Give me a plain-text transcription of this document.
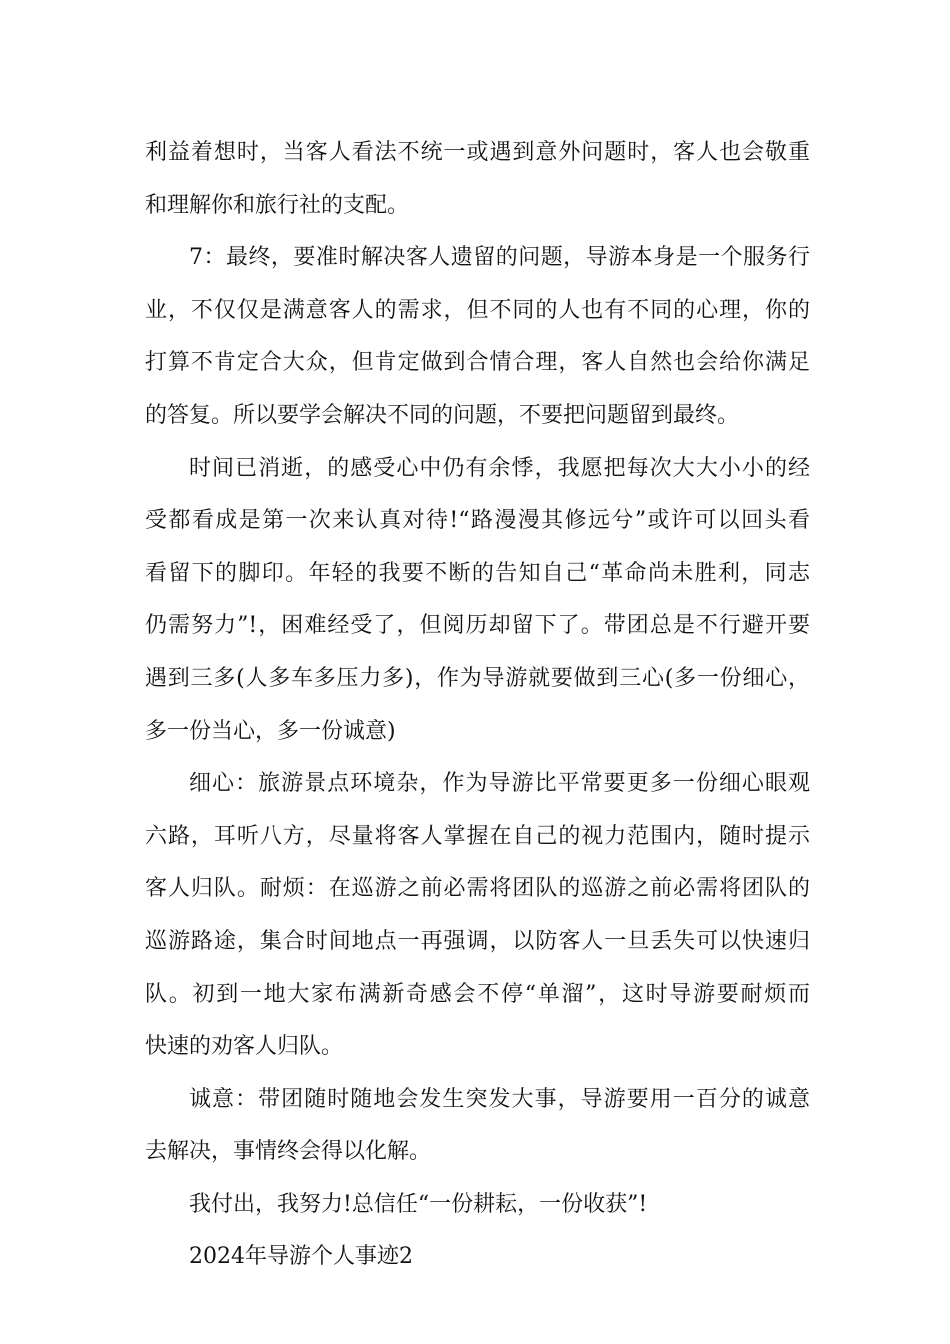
利益着想时，当客人看法不统一或遇到意外问题时，客人也会敬重
和理解你和旅行社的支配。
7：最终，要准时解决客人遗留的问题，导游本身是一个服务行
业，不仅仅是满意客人的需求，但不同的人也有不同的心理，你的
打算不肯定合大众，但肯定做到合情合理，客人自然也会给你满足
的答复。所以要学会解决不同的问题，不要把问题留到最终。
时间已消逝，的感受心中仍有余悸，我愿把每次大大小小的经
受都看成是第一次来认真对待!“路漫漫其修远兮”或许可以回头看
看留下的脚印。年轻的我要不断的告知自己“革命尚未胜利，同志
仍需努力”!，困难经受了，但阅历却留下了。带团总是不行避开要
遇到三多(人多车多压力多)，作为导游就要做到三心(多一份细心，
多一份当心，多一份诚意)
细心：旅游景点环境杂，作为导游比平常要更多一份细心眼观
六路，耳听八方，尽量将客人掌握在自己的视力范围内，随时提示
客人归队。耐烦：在巡游之前必需将团队的巡游之前必需将团队的
巡游路途，集合时间地点一再强调，以防客人一旦丢失可以快速归
队。初到一地大家布满新奇感会不停“单溜”，这时导游要耐烦而
快速的劝客人归队。
诚意：带团随时随地会发生突发大事，导游要用一百分的诚意
去解决，事情终会得以化解。
我付出，我努力!总信任“一份耕耘，一份收获”!
2024年导游个人事迹2
